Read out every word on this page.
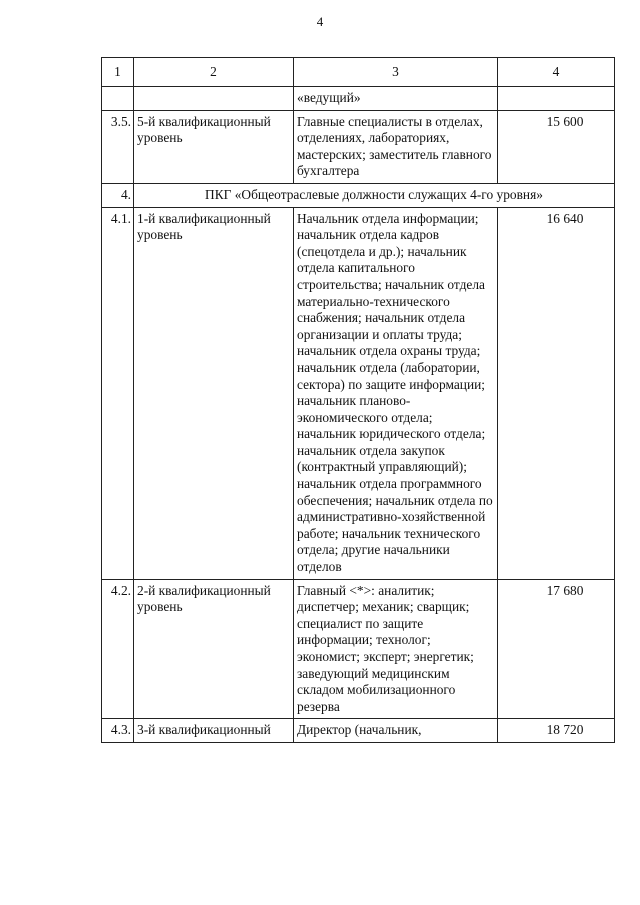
4
1	2	3	4
		«ведущий»	

3.5.	5-й квалификационный уровень	Главные специалисты в отделах, отделениях, лабораториях, мастерских; заместитель главного бухгалтера	15 600

4.	ПКГ «Общеотраслевые должности служащих 4-го уровня»		
4.1.	1-й квалификационный уровень	Начальник отдела информации; начальник отдела кадров (спецотдела и др.); начальник отдела капитального строительства; начальник отдела материально-технического снабжения; начальник отдела организации и оплаты труда; начальник отдела охраны труда; начальник отдела (лаборатории, сектора) по защите информации; начальник планово-экономического отдела; начальник юридического отдела; начальник отдела закупок (контрактный управляющий); начальник отдела программного обеспечения; начальник отдела по административно-хозяйственной работе; начальник технического отдела; другие начальники отделов	16 640

4.2.	2-й квалификационный уровень	Главный <*>: аналитик; диспетчер; механик; сварщик; специалист по защите информации; технолог; экономист; эксперт; энергетик; заведующий медицинским складом мобилизационного резерва	17 680

4.3.	3-й квалификационный	Директор (начальник,	18 720
